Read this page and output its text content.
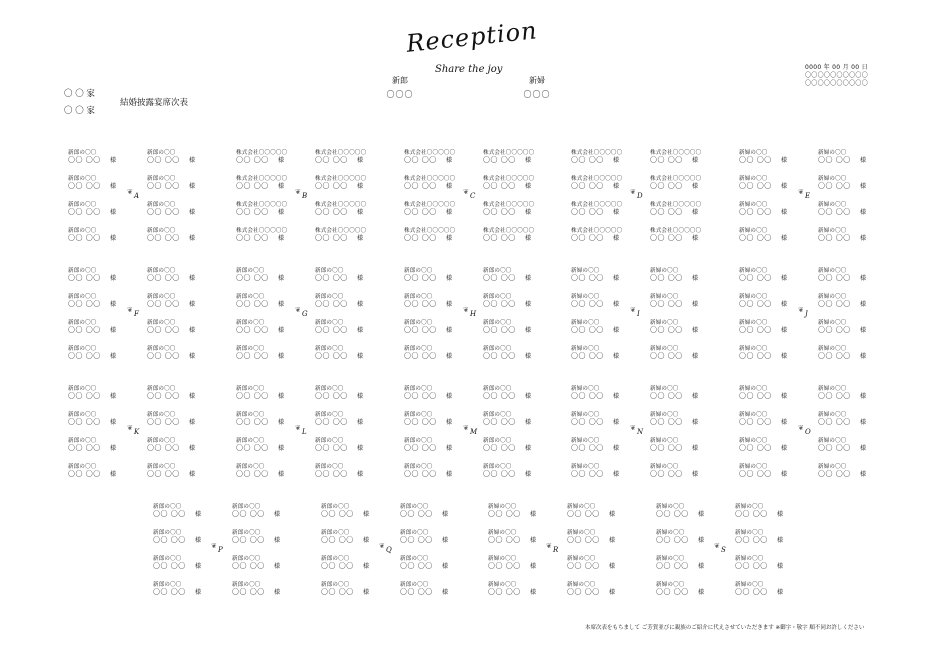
Reception
Share the joy
新郎
〇〇〇
新婦
〇〇〇
〇 〇 家
〇 〇 家
結婚披露宴席次表
0000 年 00 月 00 日
〇〇〇〇〇〇〇〇〇〇
〇〇〇〇〇〇〇〇〇〇
新郎の〇〇
〇〇 〇〇 様
新郎の〇〇
〇〇 〇〇 様
新郎の〇〇
〇〇 〇〇 様
新郎の〇〇
〇〇 〇〇 様
新郎の〇〇
〇〇 〇〇 様
新郎の〇〇
〇〇 〇〇 様
新郎の〇〇
〇〇 〇〇 様
新郎の〇〇
〇〇 〇〇 様
❦ A
株式会社〇〇〇〇〇
〇〇 〇〇 様
株式会社〇〇〇〇〇
〇〇 〇〇 様
株式会社〇〇〇〇〇
〇〇 〇〇 様
株式会社〇〇〇〇〇
〇〇 〇〇 様
株式会社〇〇〇〇〇
〇〇 〇〇 様
株式会社〇〇〇〇〇
〇〇 〇〇 様
株式会社〇〇〇〇〇
〇〇 〇〇 様
株式会社〇〇〇〇〇
〇〇 〇〇 様
❦ B
株式会社〇〇〇〇〇
〇〇 〇〇 様
株式会社〇〇〇〇〇
〇〇 〇〇 様
株式会社〇〇〇〇〇
〇〇 〇〇 様
株式会社〇〇〇〇〇
〇〇 〇〇 様
株式会社〇〇〇〇〇
〇〇 〇〇 様
株式会社〇〇〇〇〇
〇〇 〇〇 様
株式会社〇〇〇〇〇
〇〇 〇〇 様
株式会社〇〇〇〇〇
〇〇 〇〇 様
❦ C
株式会社〇〇〇〇〇
〇〇 〇〇 様
株式会社〇〇〇〇〇
〇〇 〇〇 様
株式会社〇〇〇〇〇
〇〇 〇〇 様
株式会社〇〇〇〇〇
〇〇 〇〇 様
株式会社〇〇〇〇〇
〇〇 〇〇 様
株式会社〇〇〇〇〇
〇〇 〇〇 様
株式会社〇〇〇〇〇
〇〇 〇〇 様
株式会社〇〇〇〇〇
〇〇 〇〇 様
❦ D
新婦の〇〇
〇〇 〇〇 様
新婦の〇〇
〇〇 〇〇 様
新婦の〇〇
〇〇 〇〇 様
新婦の〇〇
〇〇 〇〇 様
新婦の〇〇
〇〇 〇〇 様
新婦の〇〇
〇〇 〇〇 様
新婦の〇〇
〇〇 〇〇 様
新婦の〇〇
〇〇 〇〇 様
❦ E
新郎の〇〇
〇〇 〇〇 様
新郎の〇〇
〇〇 〇〇 様
新郎の〇〇
〇〇 〇〇 様
新郎の〇〇
〇〇 〇〇 様
新郎の〇〇
〇〇 〇〇 様
新郎の〇〇
〇〇 〇〇 様
新郎の〇〇
〇〇 〇〇 様
新郎の〇〇
〇〇 〇〇 様
❦ F
新郎の〇〇
〇〇 〇〇 様
新郎の〇〇
〇〇 〇〇 様
新郎の〇〇
〇〇 〇〇 様
新郎の〇〇
〇〇 〇〇 様
新郎の〇〇
〇〇 〇〇 様
新郎の〇〇
〇〇 〇〇 様
新郎の〇〇
〇〇 〇〇 様
新郎の〇〇
〇〇 〇〇 様
❦ G
新郎の〇〇
〇〇 〇〇 様
新郎の〇〇
〇〇 〇〇 様
新郎の〇〇
〇〇 〇〇 様
新郎の〇〇
〇〇 〇〇 様
新郎の〇〇
〇〇 〇〇 様
新郎の〇〇
〇〇 〇〇 様
新郎の〇〇
〇〇 〇〇 様
新郎の〇〇
〇〇 〇〇 様
❦ H
新婦の〇〇
〇〇 〇〇 様
新婦の〇〇
〇〇 〇〇 様
新婦の〇〇
〇〇 〇〇 様
新婦の〇〇
〇〇 〇〇 様
新婦の〇〇
〇〇 〇〇 様
新婦の〇〇
〇〇 〇〇 様
新婦の〇〇
〇〇 〇〇 様
新婦の〇〇
〇〇 〇〇 様
❦ I
新婦の〇〇
〇〇 〇〇 様
新婦の〇〇
〇〇 〇〇 様
新婦の〇〇
〇〇 〇〇 様
新婦の〇〇
〇〇 〇〇 様
新婦の〇〇
〇〇 〇〇 様
新婦の〇〇
〇〇 〇〇 様
新婦の〇〇
〇〇 〇〇 様
新婦の〇〇
〇〇 〇〇 様
❦ J
新郎の〇〇
〇〇 〇〇 様
新郎の〇〇
〇〇 〇〇 様
新郎の〇〇
〇〇 〇〇 様
新郎の〇〇
〇〇 〇〇 様
新郎の〇〇
〇〇 〇〇 様
新郎の〇〇
〇〇 〇〇 様
新郎の〇〇
〇〇 〇〇 様
新郎の〇〇
〇〇 〇〇 様
❦ K
新郎の〇〇
〇〇 〇〇 様
新郎の〇〇
〇〇 〇〇 様
新郎の〇〇
〇〇 〇〇 様
新郎の〇〇
〇〇 〇〇 様
新郎の〇〇
〇〇 〇〇 様
新郎の〇〇
〇〇 〇〇 様
新郎の〇〇
〇〇 〇〇 様
新郎の〇〇
〇〇 〇〇 様
❦ L
新郎の〇〇
〇〇 〇〇 様
新郎の〇〇
〇〇 〇〇 様
新郎の〇〇
〇〇 〇〇 様
新郎の〇〇
〇〇 〇〇 様
新郎の〇〇
〇〇 〇〇 様
新郎の〇〇
〇〇 〇〇 様
新郎の〇〇
〇〇 〇〇 様
新郎の〇〇
〇〇 〇〇 様
❦ M
新婦の〇〇
〇〇 〇〇 様
新婦の〇〇
〇〇 〇〇 様
新婦の〇〇
〇〇 〇〇 様
新婦の〇〇
〇〇 〇〇 様
新婦の〇〇
〇〇 〇〇 様
新婦の〇〇
〇〇 〇〇 様
新婦の〇〇
〇〇 〇〇 様
新婦の〇〇
〇〇 〇〇 様
❦ N
新婦の〇〇
〇〇 〇〇 様
新婦の〇〇
〇〇 〇〇 様
新婦の〇〇
〇〇 〇〇 様
新婦の〇〇
〇〇 〇〇 様
新婦の〇〇
〇〇 〇〇 様
新婦の〇〇
〇〇 〇〇 様
新婦の〇〇
〇〇 〇〇 様
新婦の〇〇
〇〇 〇〇 様
❦ O
新郎の〇〇
〇〇 〇〇 様
新郎の〇〇
〇〇 〇〇 様
新郎の〇〇
〇〇 〇〇 様
新郎の〇〇
〇〇 〇〇 様
新郎の〇〇
〇〇 〇〇 様
新郎の〇〇
〇〇 〇〇 様
新郎の〇〇
〇〇 〇〇 様
新郎の〇〇
〇〇 〇〇 様
❦ P
新郎の〇〇
〇〇 〇〇 様
新郎の〇〇
〇〇 〇〇 様
新郎の〇〇
〇〇 〇〇 様
新郎の〇〇
〇〇 〇〇 様
新郎の〇〇
〇〇 〇〇 様
新郎の〇〇
〇〇 〇〇 様
新郎の〇〇
〇〇 〇〇 様
新郎の〇〇
〇〇 〇〇 様
❦ Q
新婦の〇〇
〇〇 〇〇 様
新婦の〇〇
〇〇 〇〇 様
新婦の〇〇
〇〇 〇〇 様
新婦の〇〇
〇〇 〇〇 様
新婦の〇〇
〇〇 〇〇 様
新婦の〇〇
〇〇 〇〇 様
新婦の〇〇
〇〇 〇〇 様
新婦の〇〇
〇〇 〇〇 様
❦ R
新婦の〇〇
〇〇 〇〇 様
新婦の〇〇
〇〇 〇〇 様
新婦の〇〇
〇〇 〇〇 様
新婦の〇〇
〇〇 〇〇 様
新婦の〇〇
〇〇 〇〇 様
新婦の〇〇
〇〇 〇〇 様
新婦の〇〇
〇〇 〇〇 様
新婦の〇〇
〇〇 〇〇 様
❦ S
本席次表をもちまして ご芳賀並びに親族のご紹介に代えさせていただきます ※御字・敬字 順不同お許しください
